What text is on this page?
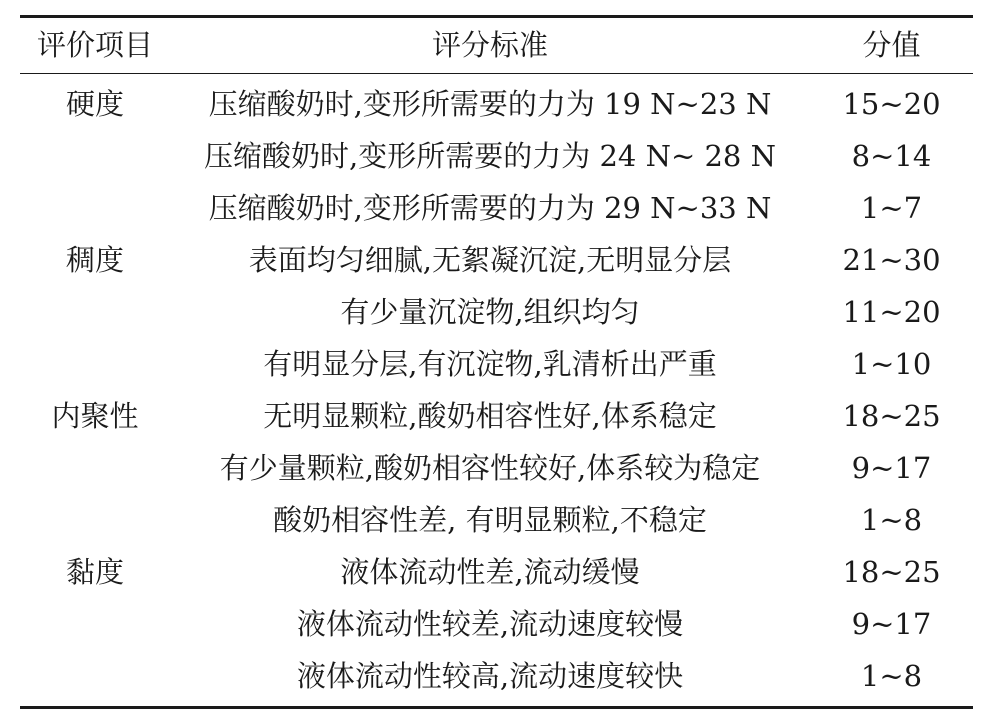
评价项目	评分标准	分值
硬度	压缩酸奶时,变形所需要的力为 19 N~23 N	15~20
	压缩酸奶时,变形所需要的力为 24 N~ 28 N	8~14
	压缩酸奶时,变形所需要的力为 29 N~33 N	1~7
稠度	表面均匀细腻,无絮凝沉淀,无明显分层	21~30
	有少量沉淀物,组织均匀	11~20
	有明显分层,有沉淀物,乳清析出严重	1~10
内聚性	无明显颗粒,酸奶相容性好,体系稳定	18~25
	有少量颗粒,酸奶相容性较好,体系较为稳定	9~17
	酸奶相容性差, 有明显颗粒,不稳定	1~8
黏度	液体流动性差,流动缓慢	18~25
	液体流动性较差,流动速度较慢	9~17
	液体流动性较高,流动速度较快	1~8
